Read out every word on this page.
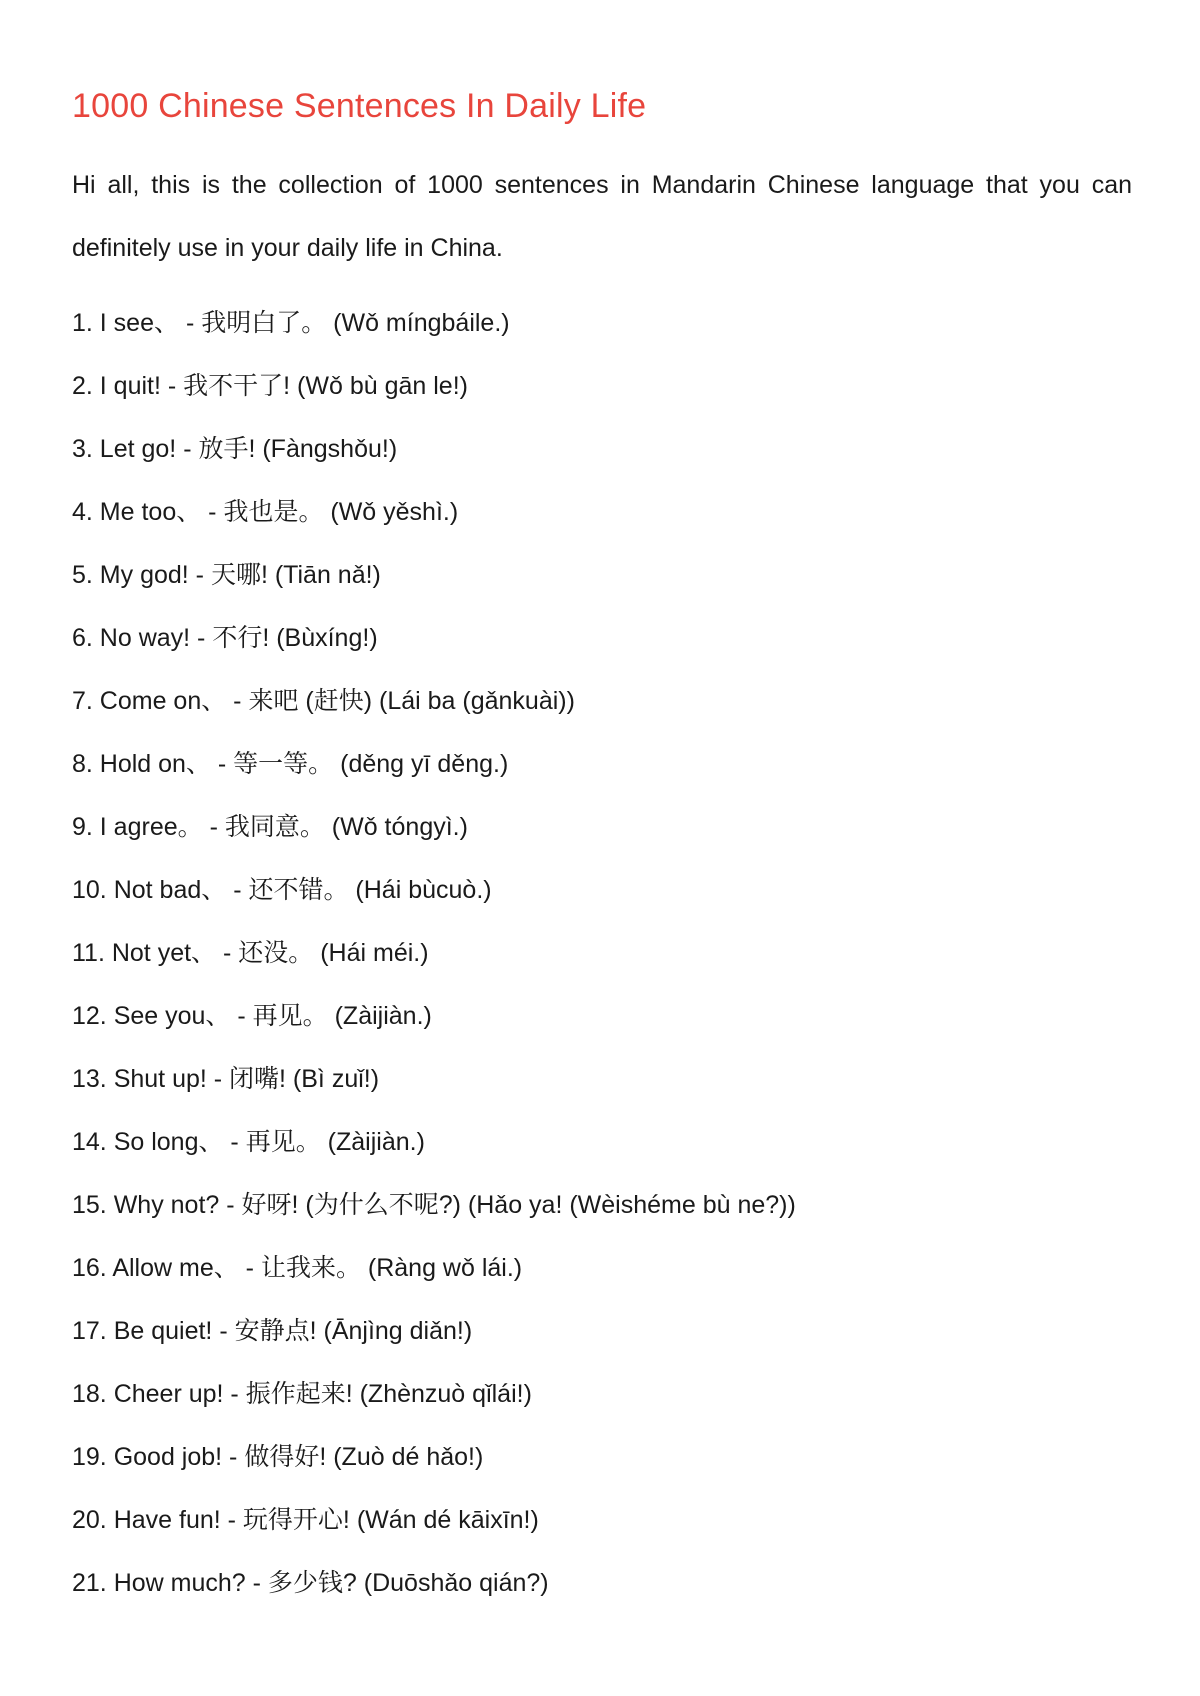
1000 Chinese Sentences In Daily Life

Hi all, this is the collection of 1000 sentences in Mandarin Chinese language that you can definitely use in your daily life in China.

1. I see、 - 我明白了。 (Wǒ míngbáile.)
2. I quit! - 我不干了! (Wǒ bù gān le!)
3. Let go! - 放手! (Fàngshǒu!)
4. Me too、 - 我也是。 (Wǒ yěshì.)
5. My god! - 天哪! (Tiān nǎ!)
6. No way! - 不行! (Bùxíng!)
7. Come on、 - 来吧 (赶快) (Lái ba (gǎnkuài))
8. Hold on、 - 等一等。 (děng yī děng.)
9. I agree。 - 我同意。 (Wǒ tóngyì.)
10. Not bad、 - 还不错。 (Hái bùcuò.)
11. Not yet、 - 还没。 (Hái méi.)
12. See you、 - 再见。 (Zàijiàn.)
13. Shut up! - 闭嘴! (Bì zuǐ!)
14. So long、 - 再见。 (Zàijiàn.)
15. Why not? - 好呀! (为什么不呢?) (Hǎo ya! (Wèishéme bù ne?))
16. Allow me、 - 让我来。 (Ràng wǒ lái.)
17. Be quiet! - 安静点! (Ānjìng diǎn!)
18. Cheer up! - 振作起来! (Zhènzuò qǐlái!)
19. Good job! - 做得好! (Zuò dé hǎo!)
20. Have fun! - 玩得开心! (Wán dé kāixīn!)
21. How much? - 多少钱? (Duōshǎo qián?)
